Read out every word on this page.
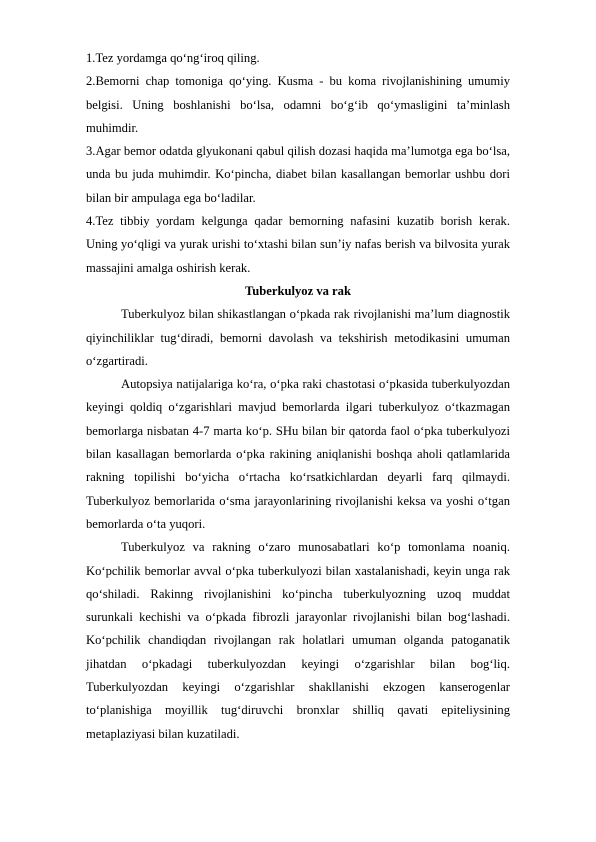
1.Tez yordamga qo‘ng‘iroq qiling.

2.Bemorni chap tomoniga qo‘ying. Kusma - bu koma rivojlanishining umumiy belgisi. Uning boshlanishi bo‘lsa, odamni bo‘g‘ib qo‘ymasligini ta’minlash muhimdir.

3.Agar bemor odatda glyukonani qabul qilish dozasi haqida ma’lumotga ega bo‘lsa, unda bu juda muhimdir. Ko‘pincha, diabet bilan kasallangan bemorlar ushbu dori bilan bir ampulaga ega bo‘ladilar.

4.Tez tibbiy yordam kelgunga qadar bemorning nafasini kuzatib borish kerak. Uning yo‘qligi va yurak urishi to‘xtashi bilan sun’iy nafas berish va bilvosita yurak massajini amalga oshirish kerak.

Tuberkulyoz va rak

Tuberkulyoz bilan shikastlangan o‘pkada rak rivojlanishi ma’lum diagnostik qiyinchiliklar tug‘diradi, bemorni davolash va tekshirish metodikasini umuman o‘zgartiradi.

Autopsiya natijalariga ko‘ra, o‘pka raki chastotasi o‘pkasida tuberkulyozdan keyingi qoldiq o‘zgarishlari mavjud bemorlarda ilgari tuberkulyoz o‘tkazmagan bemorlarga nisbatan 4-7 marta ko‘p. SHu bilan bir qatorda faol o‘pka tuberkulyozi bilan kasallagan bemorlarda o‘pka rakining aniqlanishi boshqa aholi qatlamlarida rakning topilishi bo‘yicha o‘rtacha ko‘rsatkichlardan deyarli farq qilmaydi. Tuberkulyoz bemorlarida o‘sma jarayonlarining rivojlanishi keksa va yoshi o‘tgan bemorlarda o‘ta yuqori.

Tuberkulyoz va rakning o‘zaro munosabatlari ko‘p tomonlama noaniq. Ko‘pchilik bemorlar avval o‘pka tuberkulyozi bilan xastalanishadi, keyin unga rak qo‘shiladi. Rakinng rivojlanishini ko‘pincha tuberkulyozning uzoq muddat surunkali kechishi va o‘pkada fibrozli jarayonlar rivojlanishi bilan bog‘lashadi. Ko‘pchilik chandiqdan rivojlangan rak holatlari umuman olganda patoganatik jihatdan o‘pkadagi tuberkulyozdan keyingi o‘zgarishlar bilan bog‘liq. Tuberkulyozdan keyingi o‘zgarishlar shakllanishi ekzogen kanserogenlar to‘planishiga moyillik tug‘diruvchi bronxlar shilliq qavati epiteliysining metaplaziyasi bilan kuzatiladi.
